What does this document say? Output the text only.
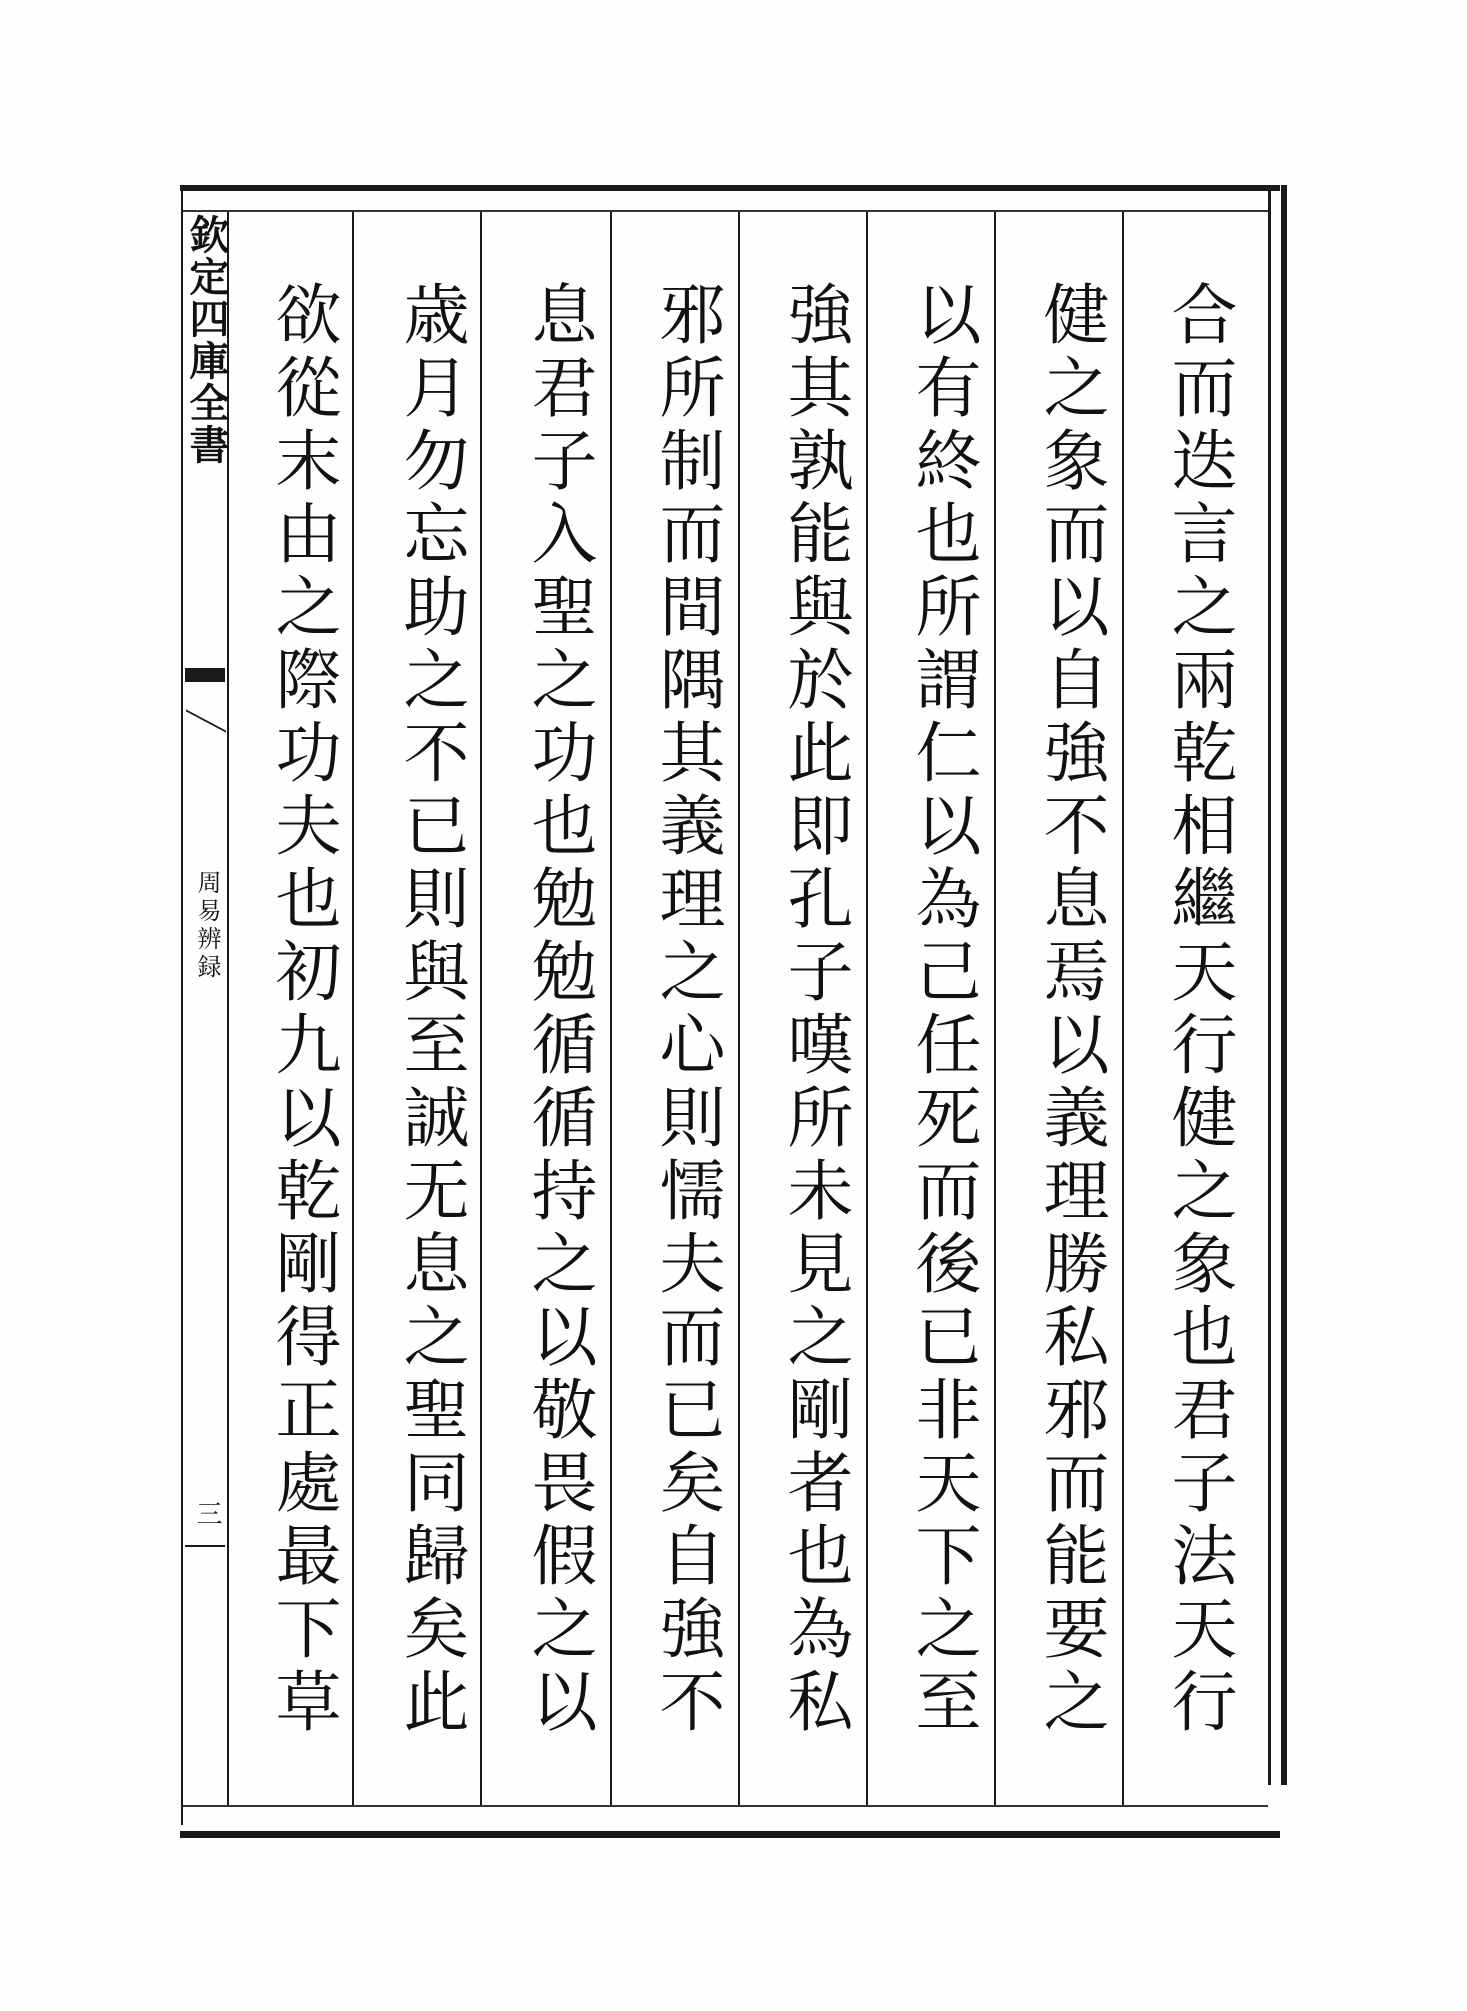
欽定四庫全書
周易辨録
三	合而迭言之兩乾相繼天行健之象也君子法天行
健之象而以自強不息焉以義理勝私邪而能要之
以有終也所謂仁以為己任死而後已非天下之至
強其孰能與於此即孔子嘆所未見之剛者也為私
邪所制而間隅其義理之心則懦夫而已矣自強不
息君子入聖之功也勉勉循循持之以敬畏假之以
歳月勿忘助之不已則與至誠无息之聖同歸矣此
欲從末由之際功夫也初九以乾剛得正處最下草
